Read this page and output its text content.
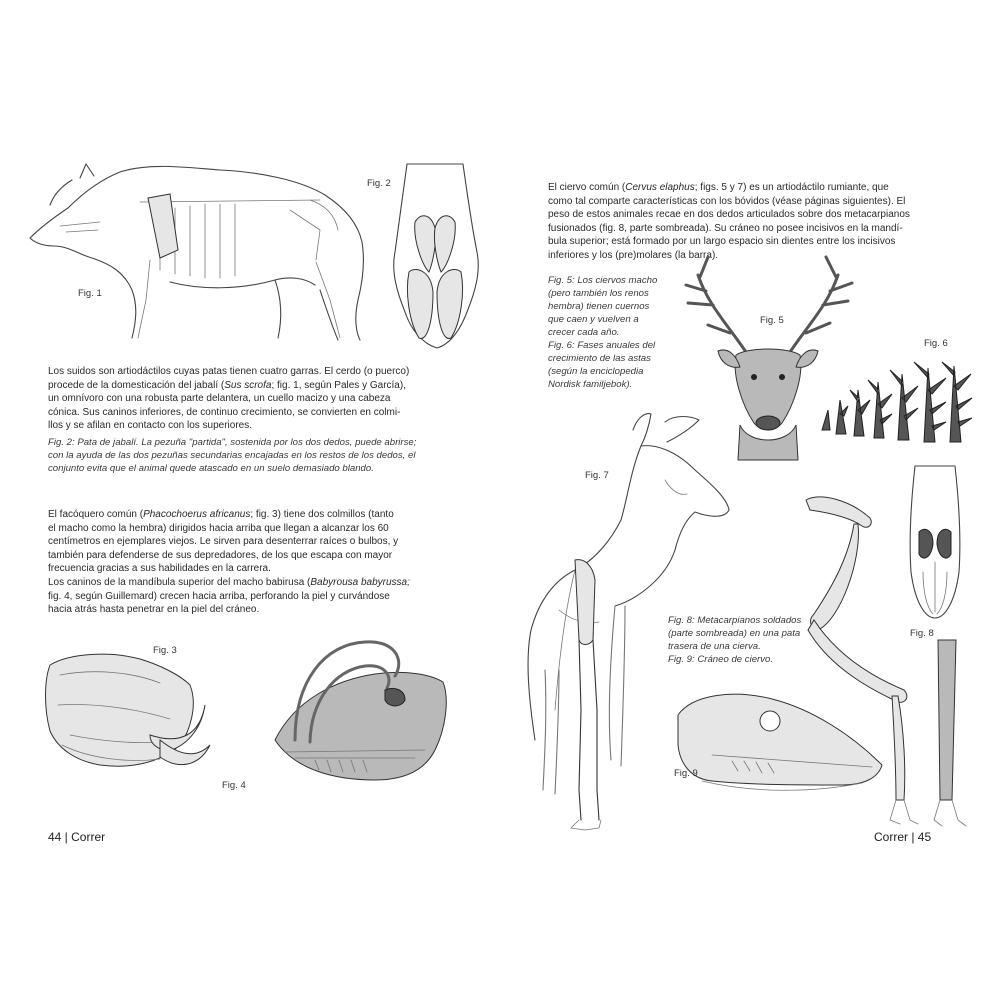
Fig. 1
Fig. 2
Los suidos son artiodáctilos cuyas patas tienen cuatro garras. El cerdo (o puerco)
procede de la domesticación del jabalí (Sus scrofa; fig. 1, según Pales y García),
un omnívoro con una robusta parte delantera, un cuello macizo y una cabeza
cónica. Sus caninos inferiores, de continuo crecimiento, se convierten en colmi-
llos y se afilan en contacto con los superiores.
Fig. 2: Pata de jabalí. La pezuña "partida", sostenida por los dos dedos, puede abrirse;
con la ayuda de las dos pezuñas secundarias encajadas en los restos de los dedos, el
conjunto evita que el animal quede atascado en un suelo demasiado blando.
El facóquero común (Phacochoerus africanus; fig. 3) tiene dos colmillos (tanto
el macho como la hembra) dirigidos hacia arriba que llegan a alcanzar los 60
centímetros en ejemplares viejos. Le sirven para desenterrar raíces o bulbos, y
también para defenderse de sus depredadores, de los que escapa con mayor
frecuencia gracias a sus habilidades en la carrera.
Los caninos de la mandíbula superior del macho babirusa (Babyrousa babyrussa;
fig. 4, según Guillemard) crecen hacia arriba, perforando la piel y curvándose
hacia atrás hasta penetrar en la piel del cráneo.
Fig. 3
Fig. 4
44 | Correr
El ciervo común (Cervus elaphus; figs. 5 y 7) es un artiodáctilo rumiante, que
como tal comparte características con los bóvidos (véase páginas siguientes). El
peso de estos animales recae en dos dedos articulados sobre dos metacarpianos
fusionados (fig. 8, parte sombreada). Su cráneo no posee incisivos en la mandí-
bula superior; está formado por un largo espacio sin dientes entre los incisivos
inferiores y los (pre)molares (la barra).
Fig. 5: Los ciervos macho
(pero también los renos
hembra) tienen cuernos
que caen y vuelven a
crecer cada año.
Fig. 6: Fases anuales del
crecimiento de las astas
(según la enciclopedia
Nordisk familjebok).
Fig. 5
Fig. 6
Fig. 7
Fig. 8
Fig. 8: Metacarpianos soldados
(parte sombreada) en una pata
trasera de una cierva.
Fig. 9: Cráneo de ciervo.
Fig. 9
Correr | 45
